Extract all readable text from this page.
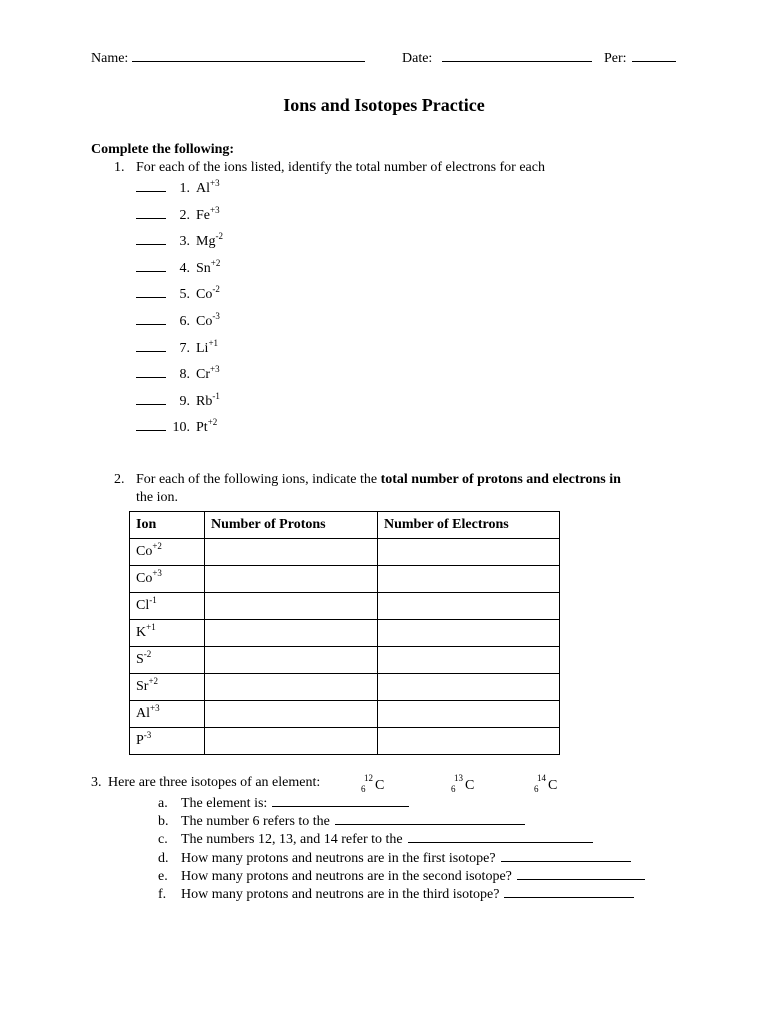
Name:	Date:	Per:
Ions and Isotopes Practice
Complete the following:
1. For each of the ions listed, identify the total number of electrons for each
2. For each of the following ions, indicate the total number of protons and electrons in
the ion.
Ion	Number of Protons	Number of Electrons
$Co^{+2}$		
$Co^{+3}$		
$Cl^{-1}$		
$K^{+1}$		
$S^{-2}$		
$Sr^{+2}$		
$Al^{+3}$		
$P^{-3}$		
3. Here are three isotopes of an element:
1. $Al^{+3}$
2. $Fe^{+3}$
3. $Mg^{-2}$
4. $Sn^{+2}$
5. $Co^{-2}$
6. $Co^{-3}$
7. $Li^{+1}$
8. $Cr^{+3}$
9. $Rb^{-1}$
10. $Pt^{+2}$
12
6 C	13
6 C	14
6 C
a. The element is:
b. The number 6 refers to the
c. The numbers 12, 13, and 14 refer to the
d. How many protons and neutrons are in the first isotope?
e. How many protons and neutrons are in the second isotope?
f. How many protons and neutrons are in the third isotope?
